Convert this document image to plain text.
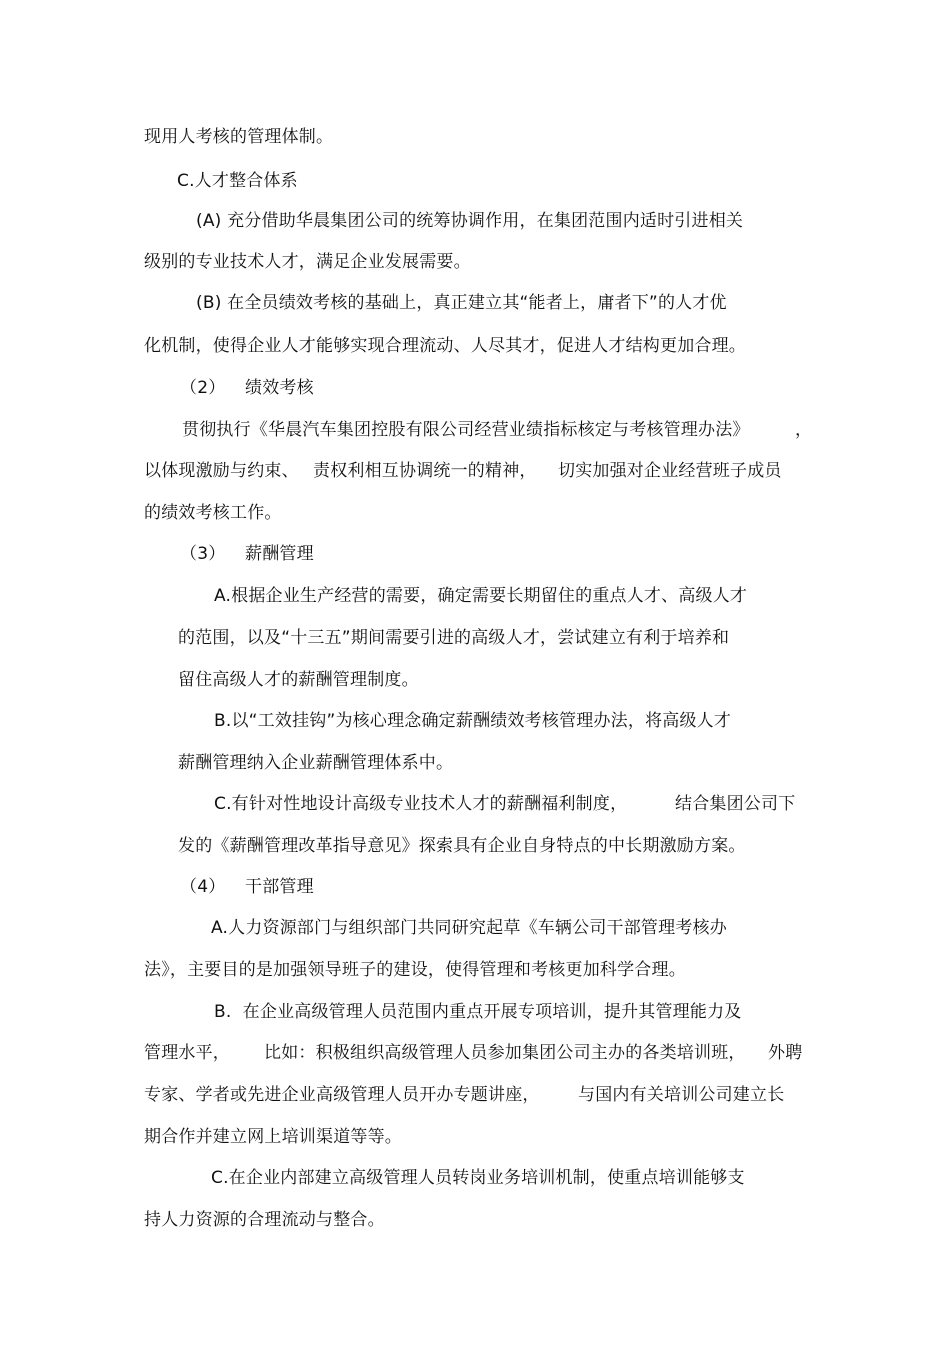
现用人考核的管理体制。
C.人才整合体系
(A) 充分借助华晨集团公司的统筹协调作用，在集团范围内适时引进相关
级别的专业技术人才，满足企业发展需要。
(B) 在全员绩效考核的基础上，真正建立其“能者上，庸者下”的人才优
化机制，使得企业人才能够实现合理流动、人尽其才，促进人才结构更加合理。
（2） 绩效考核
贯彻执行《华晨汽车集团控股有限公司经营业绩指标核定与考核管理办法》	，
以体现激励与约束、 责权利相互协调统一的精神， 切实加强对企业经营班子成员
的绩效考核工作。
（3） 薪酬管理
A.根据企业生产经营的需要，确定需要长期留住的重点人才、高级人才
的范围，以及“十三五”期间需要引进的高级人才，尝试建立有利于培养和
留住高级人才的薪酬管理制度。
B.以“工效挂钩”为核心理念确定薪酬绩效考核管理办法，将高级人才
薪酬管理纳入企业薪酬管理体系中。
C.有针对性地设计高级专业技术人才的薪酬福利制度，	结合集团公司下
发的《薪酬管理改革指导意见》探索具有企业自身特点的中长期激励方案。
（4） 干部管理
A.人力资源部门与组织部门共同研究起草《车辆公司干部管理考核办
法》，主要目的是加强领导班子的建设，使得管理和考核更加科学合理。
B.  在企业高级管理人员范围内重点开展专项培训，提升其管理能力及
管理水平， 比如：积极组织高级管理人员参加集团公司主办的各类培训班， 外聘
专家、学者或先进企业高级管理人员开办专题讲座， 与国内有关培训公司建立长
期合作并建立网上培训渠道等等。
C.在企业内部建立高级管理人员转岗业务培训机制，使重点培训能够支
持人力资源的合理流动与整合。
